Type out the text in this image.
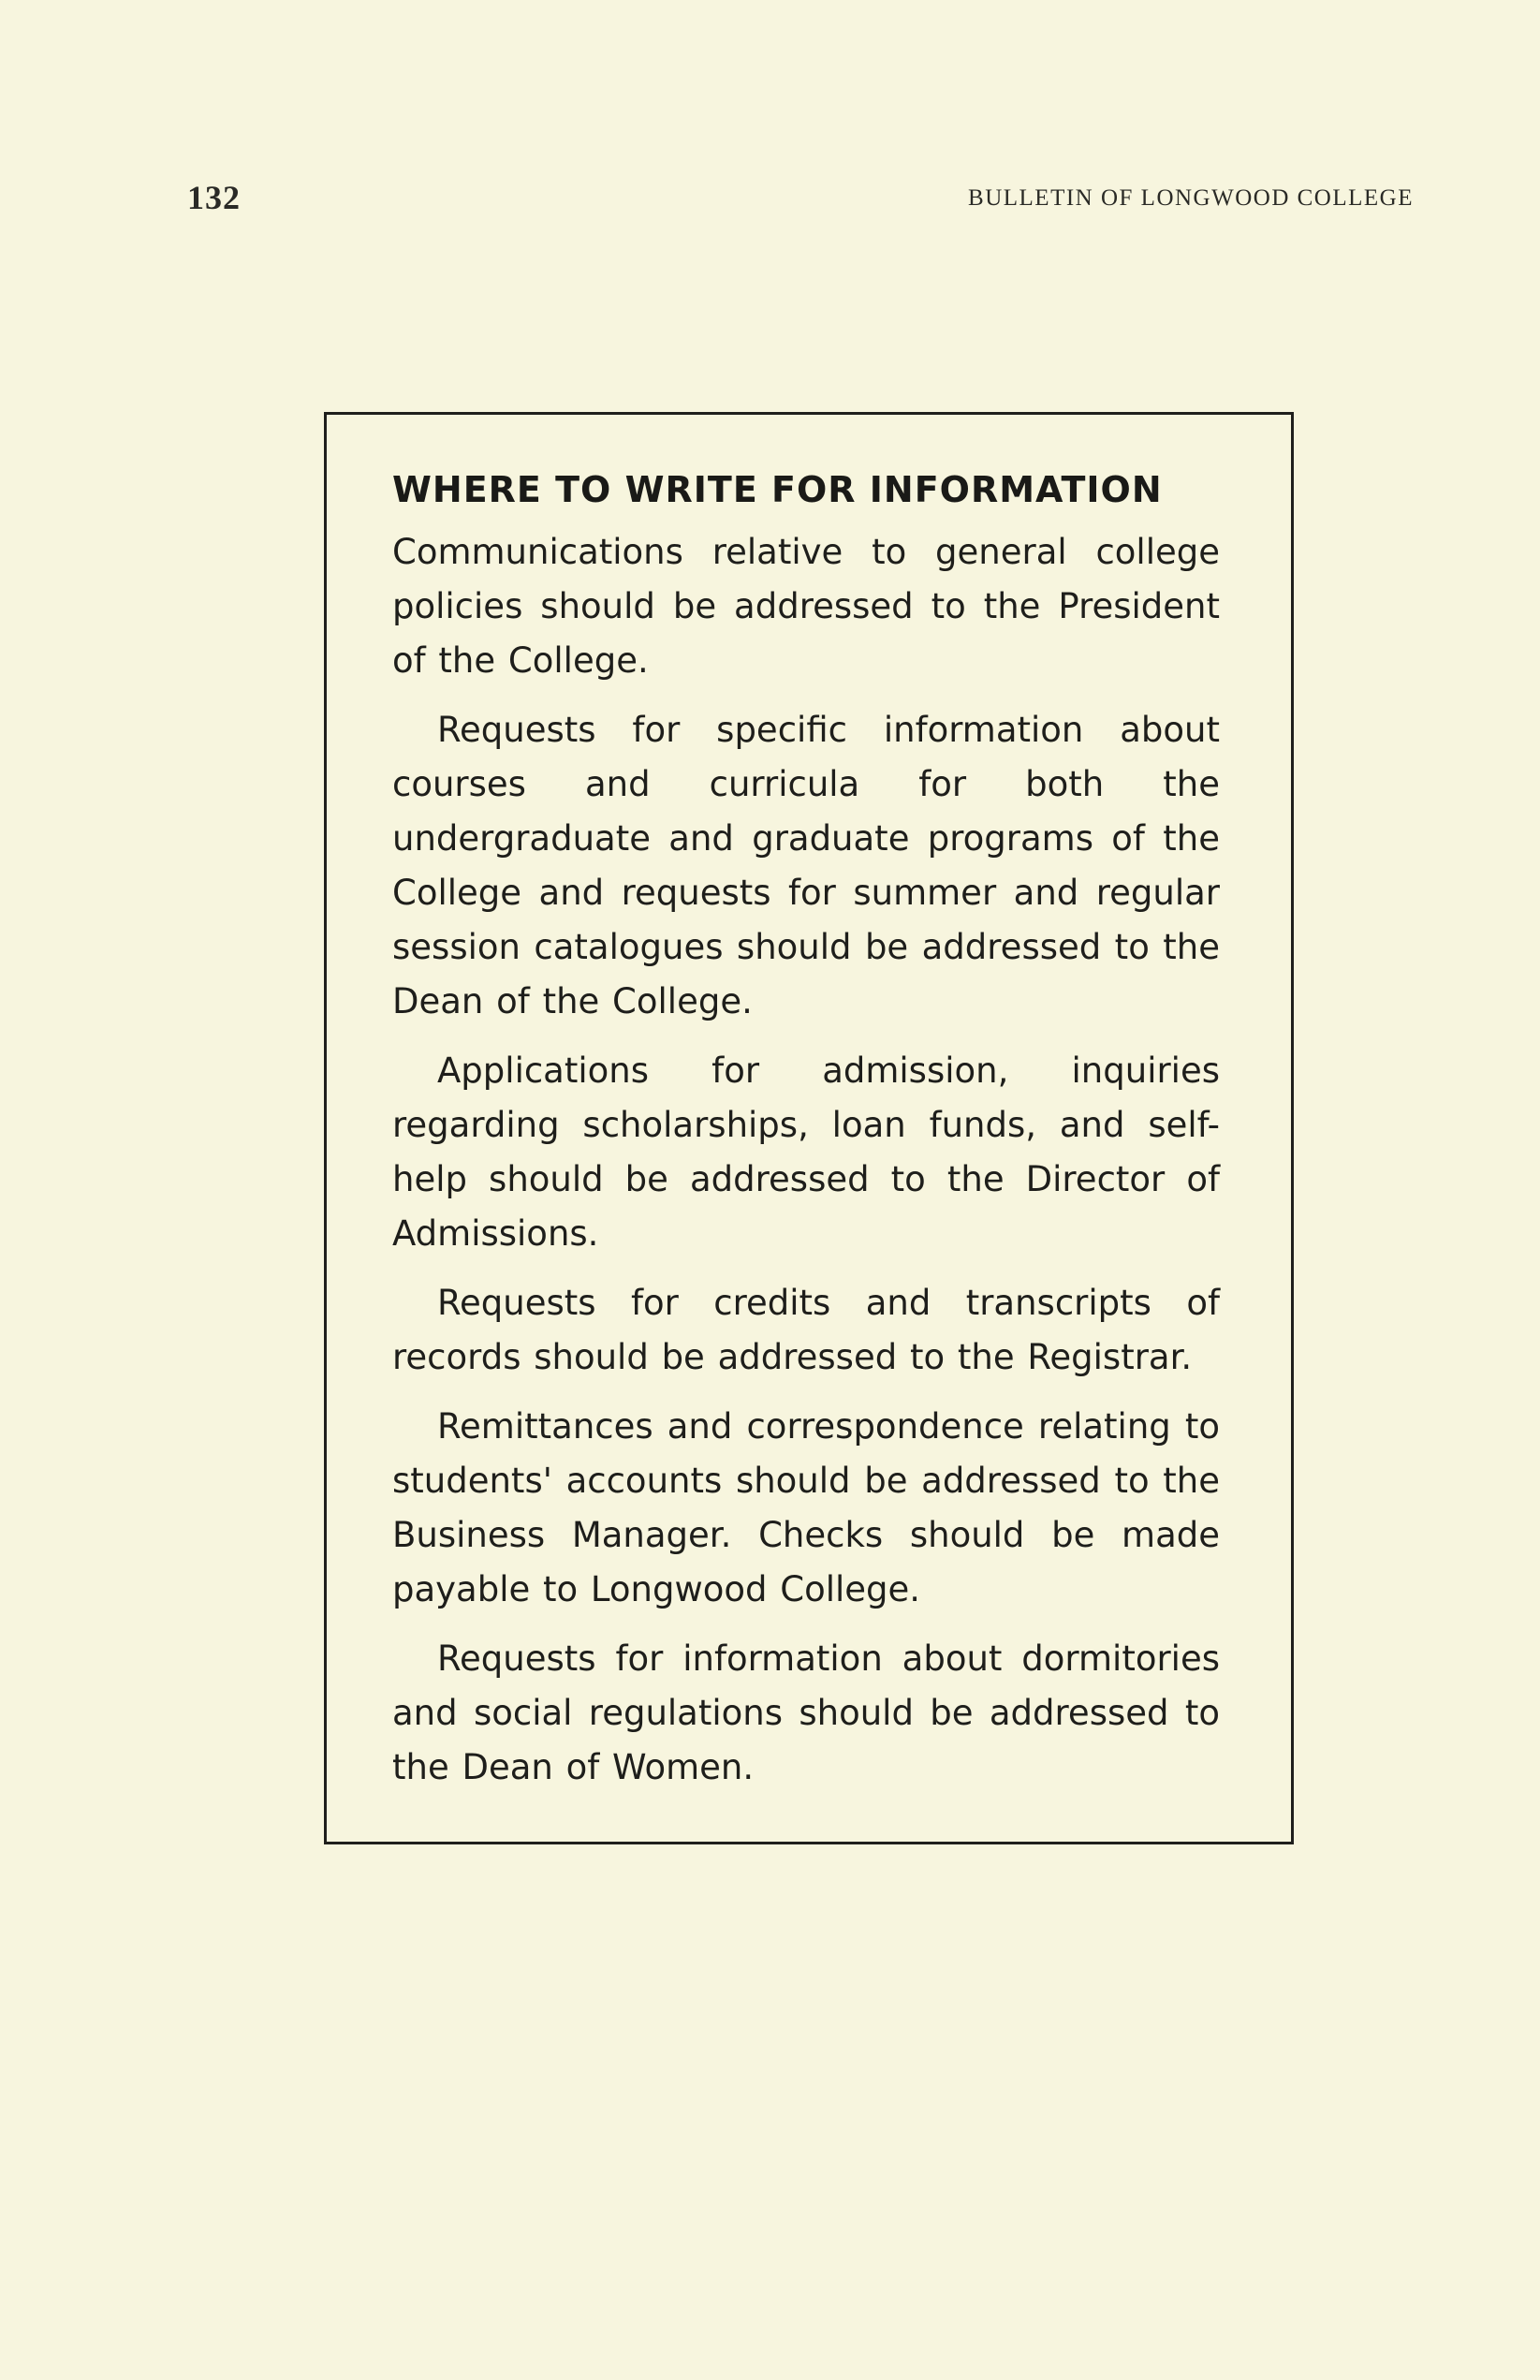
132	BULLETIN OF LONGWOOD COLLEGE
WHERE TO WRITE FOR INFORMATION

Communications relative to general college policies should be addressed to the President of the College.

Requests for specific information about courses and curricula for both the undergraduate and graduate programs of the College and requests for summer and regular session catalogues should be addressed to the Dean of the College.

Applications for admission, inquiries regarding scholarships, loan funds, and self-help should be addressed to the Director of Admissions.

Requests for credits and transcripts of records should be addressed to the Registrar.

Remittances and correspondence relating to students' accounts should be addressed to the Business Manager. Checks should be made payable to Longwood College.

Requests for information about dormitories and social regulations should be addressed to the Dean of Women.
